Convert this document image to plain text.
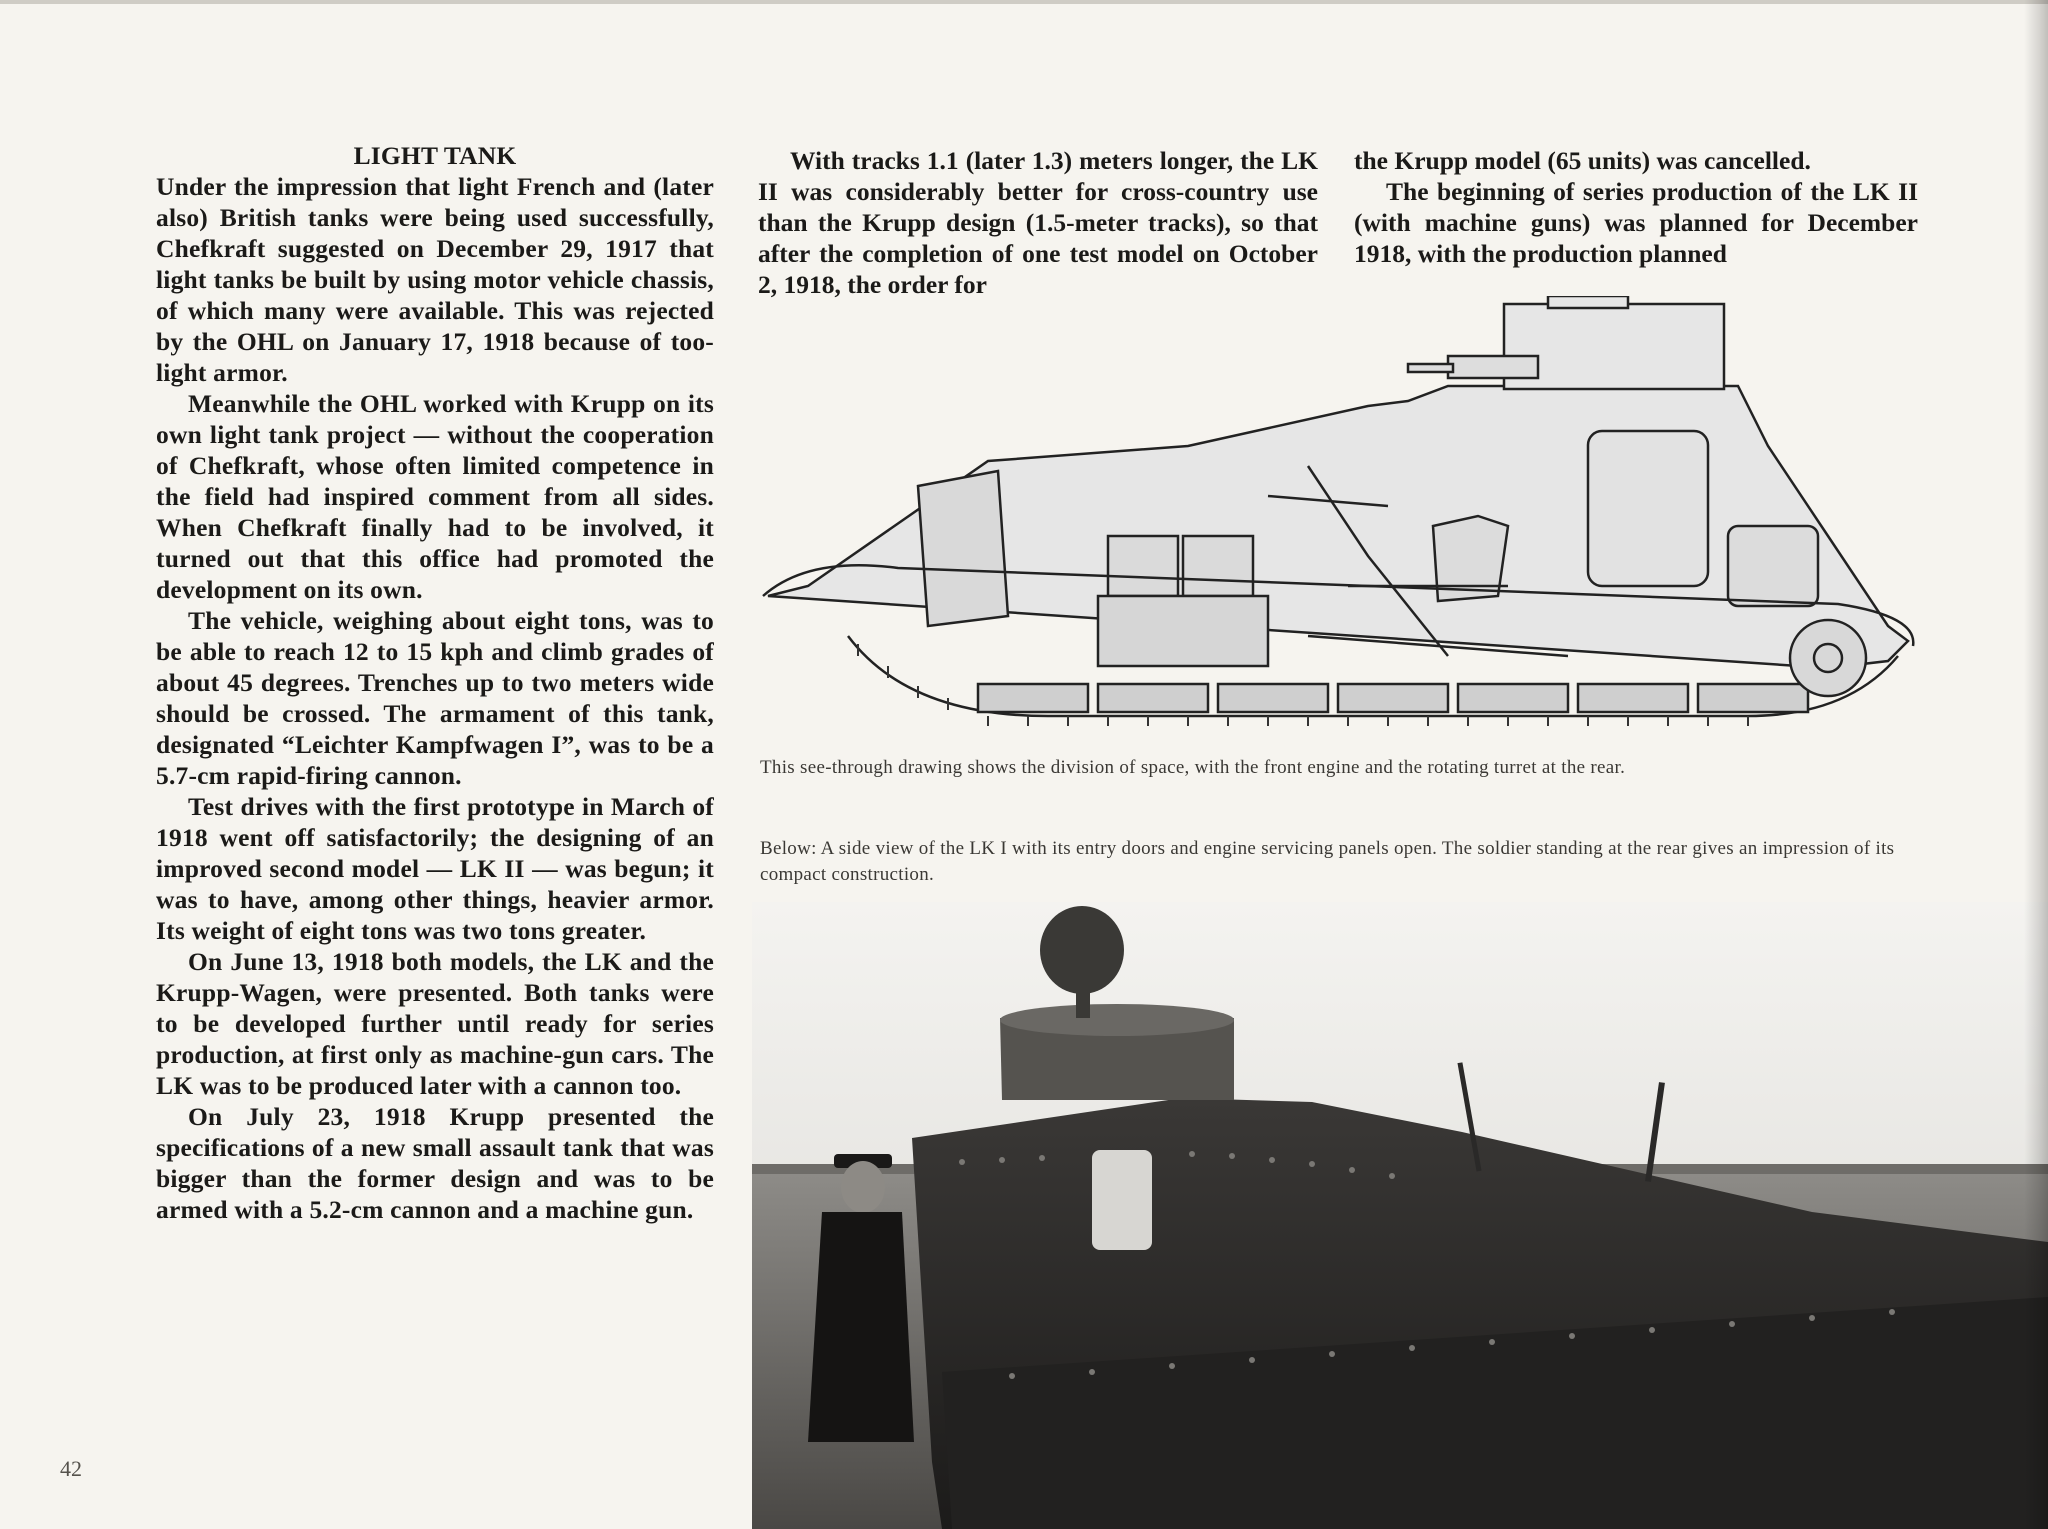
LIGHT TANK

Under the impression that light French and (later also) British tanks were being used successfully, Chefkraft suggested on December 29, 1917 that light tanks be built by using motor vehicle chassis, of which many were available. This was rejected by the OHL on January 17, 1918 because of too-light armor.

Meanwhile the OHL worked with Krupp on its own light tank project — without the cooperation of Chefkraft, whose often limited competence in the field had inspired comment from all sides. When Chefkraft finally had to be involved, it turned out that this office had promoted the development on its own.

The vehicle, weighing about eight tons, was to be able to reach 12 to 15 kph and climb grades of about 45 degrees. Trenches up to two meters wide should be crossed. The armament of this tank, designated “Leichter Kampfwagen I”, was to be a 5.7-cm rapid-firing cannon.

Test drives with the first prototype in March of 1918 went off satisfactorily; the designing of an improved second model — LK II — was begun; it was to have, among other things, heavier armor. Its weight of eight tons was two tons greater.

On June 13, 1918 both models, the LK and the Krupp-Wagen, were presented. Both tanks were to be developed further until ready for series production, at first only as machine-gun cars. The LK was to be produced later with a cannon too.

On July 23, 1918 Krupp presented the specifications of a new small assault tank that was bigger than the former design and was to be armed with a 5.2-cm cannon and a machine gun.

With tracks 1.1 (later 1.3) meters longer, the LK II was considerably better for cross-country use than the Krupp design (1.5-meter tracks), so that after the completion of one test model on October 2, 1918, the order for

the Krupp model (65 units) was cancelled.

The beginning of series production of the LK II (with machine guns) was planned for December 1918, with the production planned

This see-through drawing shows the division of space, with the front engine and the rotating turret at the rear.
Below: A side view of the LK I with its entry doors and engine servicing panels open. The soldier standing at the rear gives an impression of its compact construction.
42
